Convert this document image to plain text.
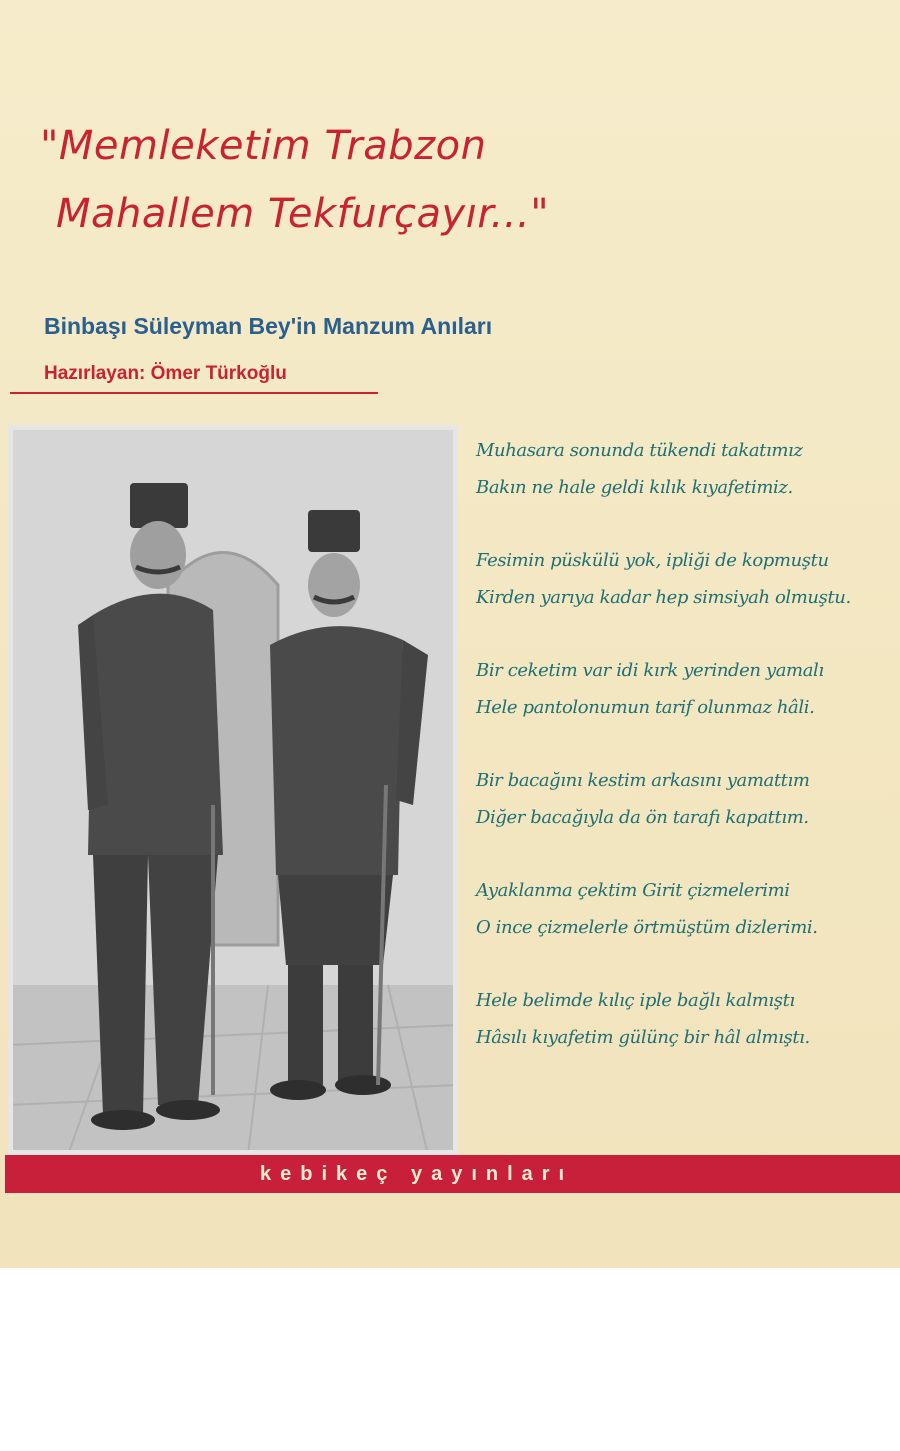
"Memleketim Trabzon
Mahallem Tekfurçayır..."
Binbaşı Süleyman Bey'in Manzum Anıları
Hazırlayan: Ömer Türkoğlu
Muhasara sonunda tükendi takatımız
Bakın ne hale geldi kılık kıyafetimiz.
Fesimin püskülü yok, ipliği de kopmuştu
Kirden yarıya kadar hep simsiyah olmuştu.
Bir ceketim var idi kırk yerinden yamalı
Hele pantolonumun tarif olunmaz hâli.
Bir bacağını kestim arkasını yamattım
Diğer bacağıyla da ön tarafı kapattım.
Ayaklanma çektim Girit çizmelerimi
O ince çizmelerle örtmüştüm dizlerimi.
Hele belimde kılıç iple bağlı kalmıştı
Hâsılı kıyafetim gülünç bir hâl almıştı.
kebikeç yayınları
